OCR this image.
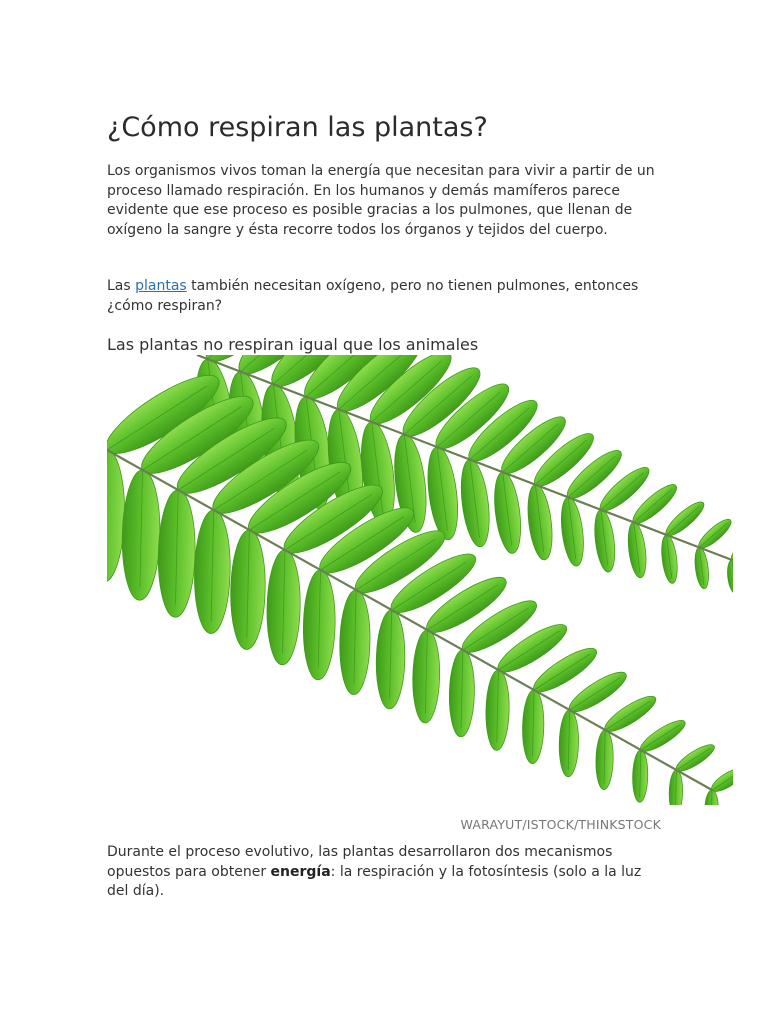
¿Cómo respiran las plantas?

Los organismos vivos toman la energía que necesitan para vivir a partir de un proceso llamado respiración. En los humanos y demás mamíferos parece evidente que ese proceso es posible gracias a los pulmones, que llenan de oxígeno la sangre y ésta recorre todos los órganos y tejidos del cuerpo.

Las plantas también necesitan oxígeno, pero no tienen pulmones, entonces ¿cómo respiran?

Las plantas no respiran igual que los animales
WARAYUT/ISTOCK/THINKSTOCK

Durante el proceso evolutivo, las plantas desarrollaron dos mecanismos opuestos para obtener energía: la respiración y la fotosíntesis (solo a la luz del día).
